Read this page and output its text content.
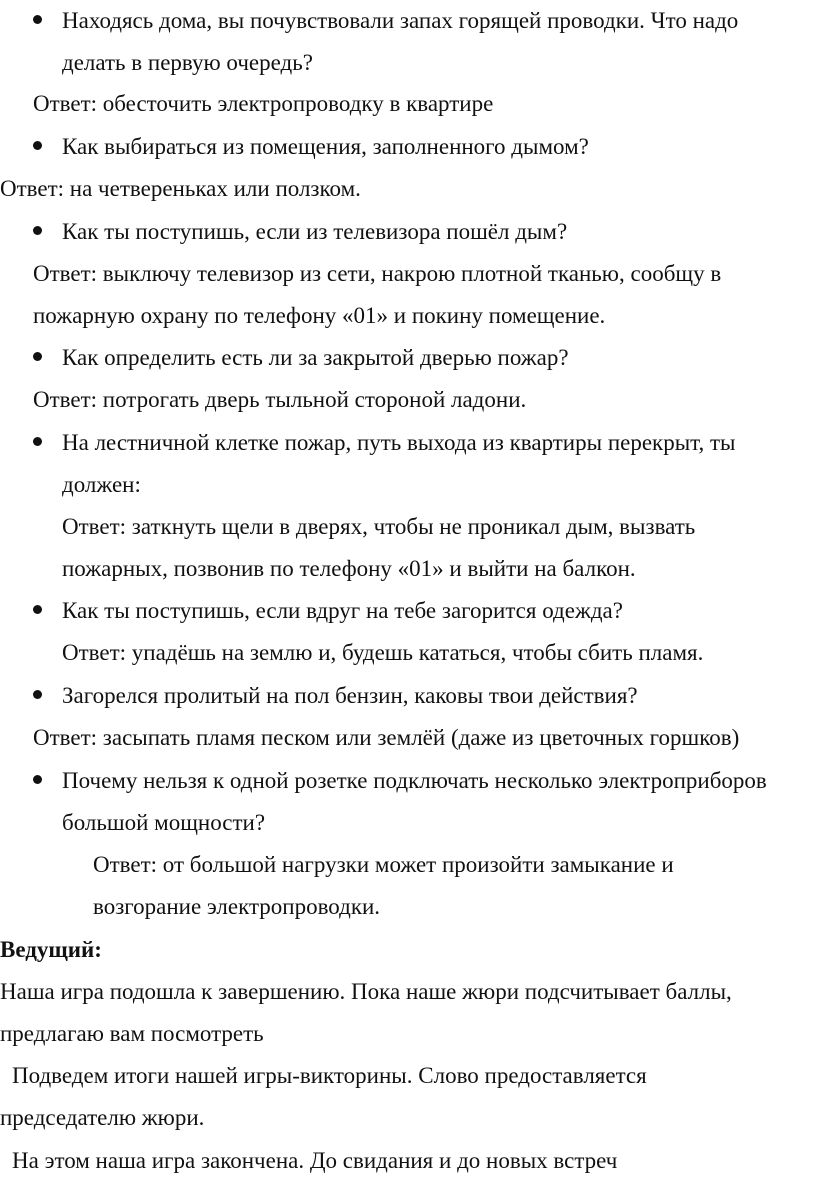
Находясь дома, вы почувствовали запах горящей проводки. Что надо
делать в первую очередь?
Ответ: обесточить электропроводку в квартире
Как выбираться из помещения, заполненного дымом?
Ответ: на четвереньках или ползком.
Как ты поступишь, если из телевизора пошёл дым?
Ответ: выключу телевизор из сети, накрою плотной тканью, сообщу в
пожарную охрану по телефону «01» и покину помещение.
Как определить есть ли за закрытой дверью пожар?
Ответ: потрогать дверь тыльной стороной ладони.
На лестничной клетке пожар, путь выхода из квартиры перекрыт, ты
должен:
Ответ: заткнуть щели в дверях, чтобы не проникал дым, вызвать
пожарных, позвонив по телефону «01» и выйти на балкон.
Как ты поступишь, если вдруг на тебе загорится одежда?
Ответ: упадёшь на землю и, будешь кататься, чтобы сбить пламя.
Загорелся пролитый на пол бензин, каковы твои действия?
Ответ: засыпать пламя песком или землёй (даже из цветочных горшков)
Почему нельзя к одной розетке подключать несколько электроприборов
большой мощности?
Ответ: от большой нагрузки может произойти замыкание и
возгорание электропроводки.
Ведущий:
Наша игра подошла к завершению. Пока наше жюри подсчитывает баллы,
предлагаю вам посмотреть
Подведем итоги нашей игры-викторины. Слово предоставляется
председателю жюри.
На этом наша игра закончена. До свидания и до новых встреч
